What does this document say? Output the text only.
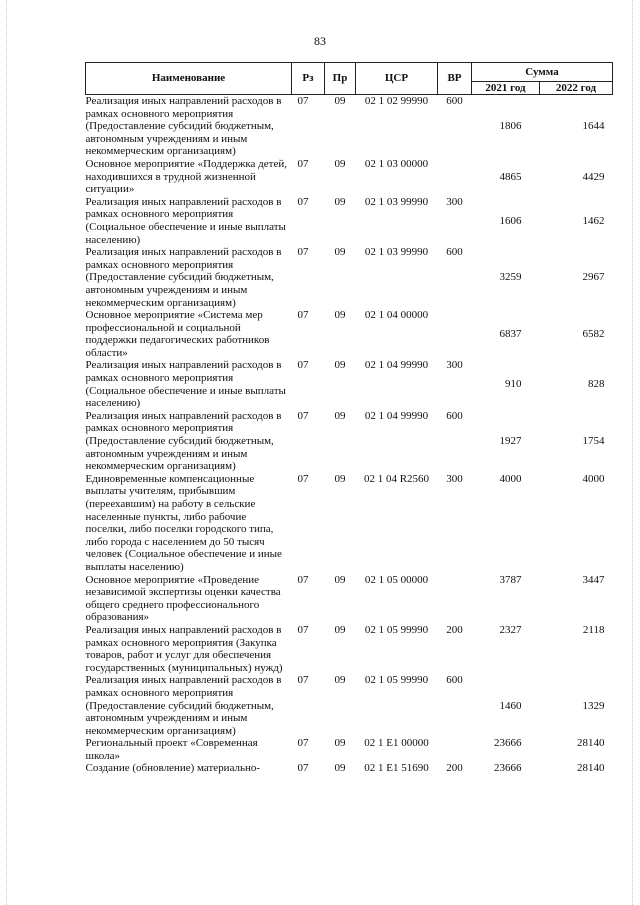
83
Наименование	Рз	Пр	ЦСР	ВР	Сумма	
					2021 год	2022 год
Реализация иных направлений расходов в рамках основного мероприятия (Предоставление субсидий бюджетным, автономным учреждениям и иным некоммерческим организациям)	07	09	02 1 02 99990	600	1806	1644
Основное мероприятие «Поддержка детей, находившихся в трудной жизненной ситуации»	07	09	02 1 03 00000		4865	4429
Реализация иных направлений расходов в рамках основного мероприятия (Социальное обеспечение и иные выплаты населению)	07	09	02 1 03 99990	300	1606	1462
Реализация иных направлений расходов в рамках основного мероприятия (Предоставление субсидий бюджетным, автономным учреждениям и иным некоммерческим организациям)	07	09	02 1 03 99990	600	3259	2967
Основное мероприятие «Система мер профессиональной и социальной поддержки педагогических работников области»	07	09	02 1 04 00000		6837	6582
Реализация иных направлений расходов в рамках основного мероприятия (Социальное обеспечение и иные выплаты населению)	07	09	02 1 04 99990	300	910	828
Реализация иных направлений расходов в рамках основного мероприятия (Предоставление субсидий бюджетным, автономным учреждениям и иным некоммерческим организациям)	07	09	02 1 04 99990	600	1927	1754
Единовременные компенсационные выплаты учителям, прибывшим (переехавшим) на работу в сельские населенные пункты, либо рабочие поселки, либо поселки городского типа, либо города с населением до 50 тысяч человек (Социальное обеспечение и иные выплаты населению)	07	09	02 1 04 R2560	300	4000	4000
Основное мероприятие «Проведение независимой экспертизы оценки качества общего среднего профессионального образования»	07	09	02 1 05 00000		3787	3447
Реализация иных направлений расходов в рамках основного мероприятия (Закупка товаров, работ и услуг для обеспечения государственных (муниципальных) нужд)	07	09	02 1 05 99990	200	2327	2118
Реализация иных направлений расходов в рамках основного мероприятия (Предоставление субсидий бюджетным, автономным учреждениям и иным некоммерческим организациям)	07	09	02 1 05 99990	600	1460	1329
Региональный проект «Современная школа»	07	09	02 1 E1 00000		23666	28140
Создание (обновление) материально-	07	09	02 1 E1 51690	200	23666	28140
